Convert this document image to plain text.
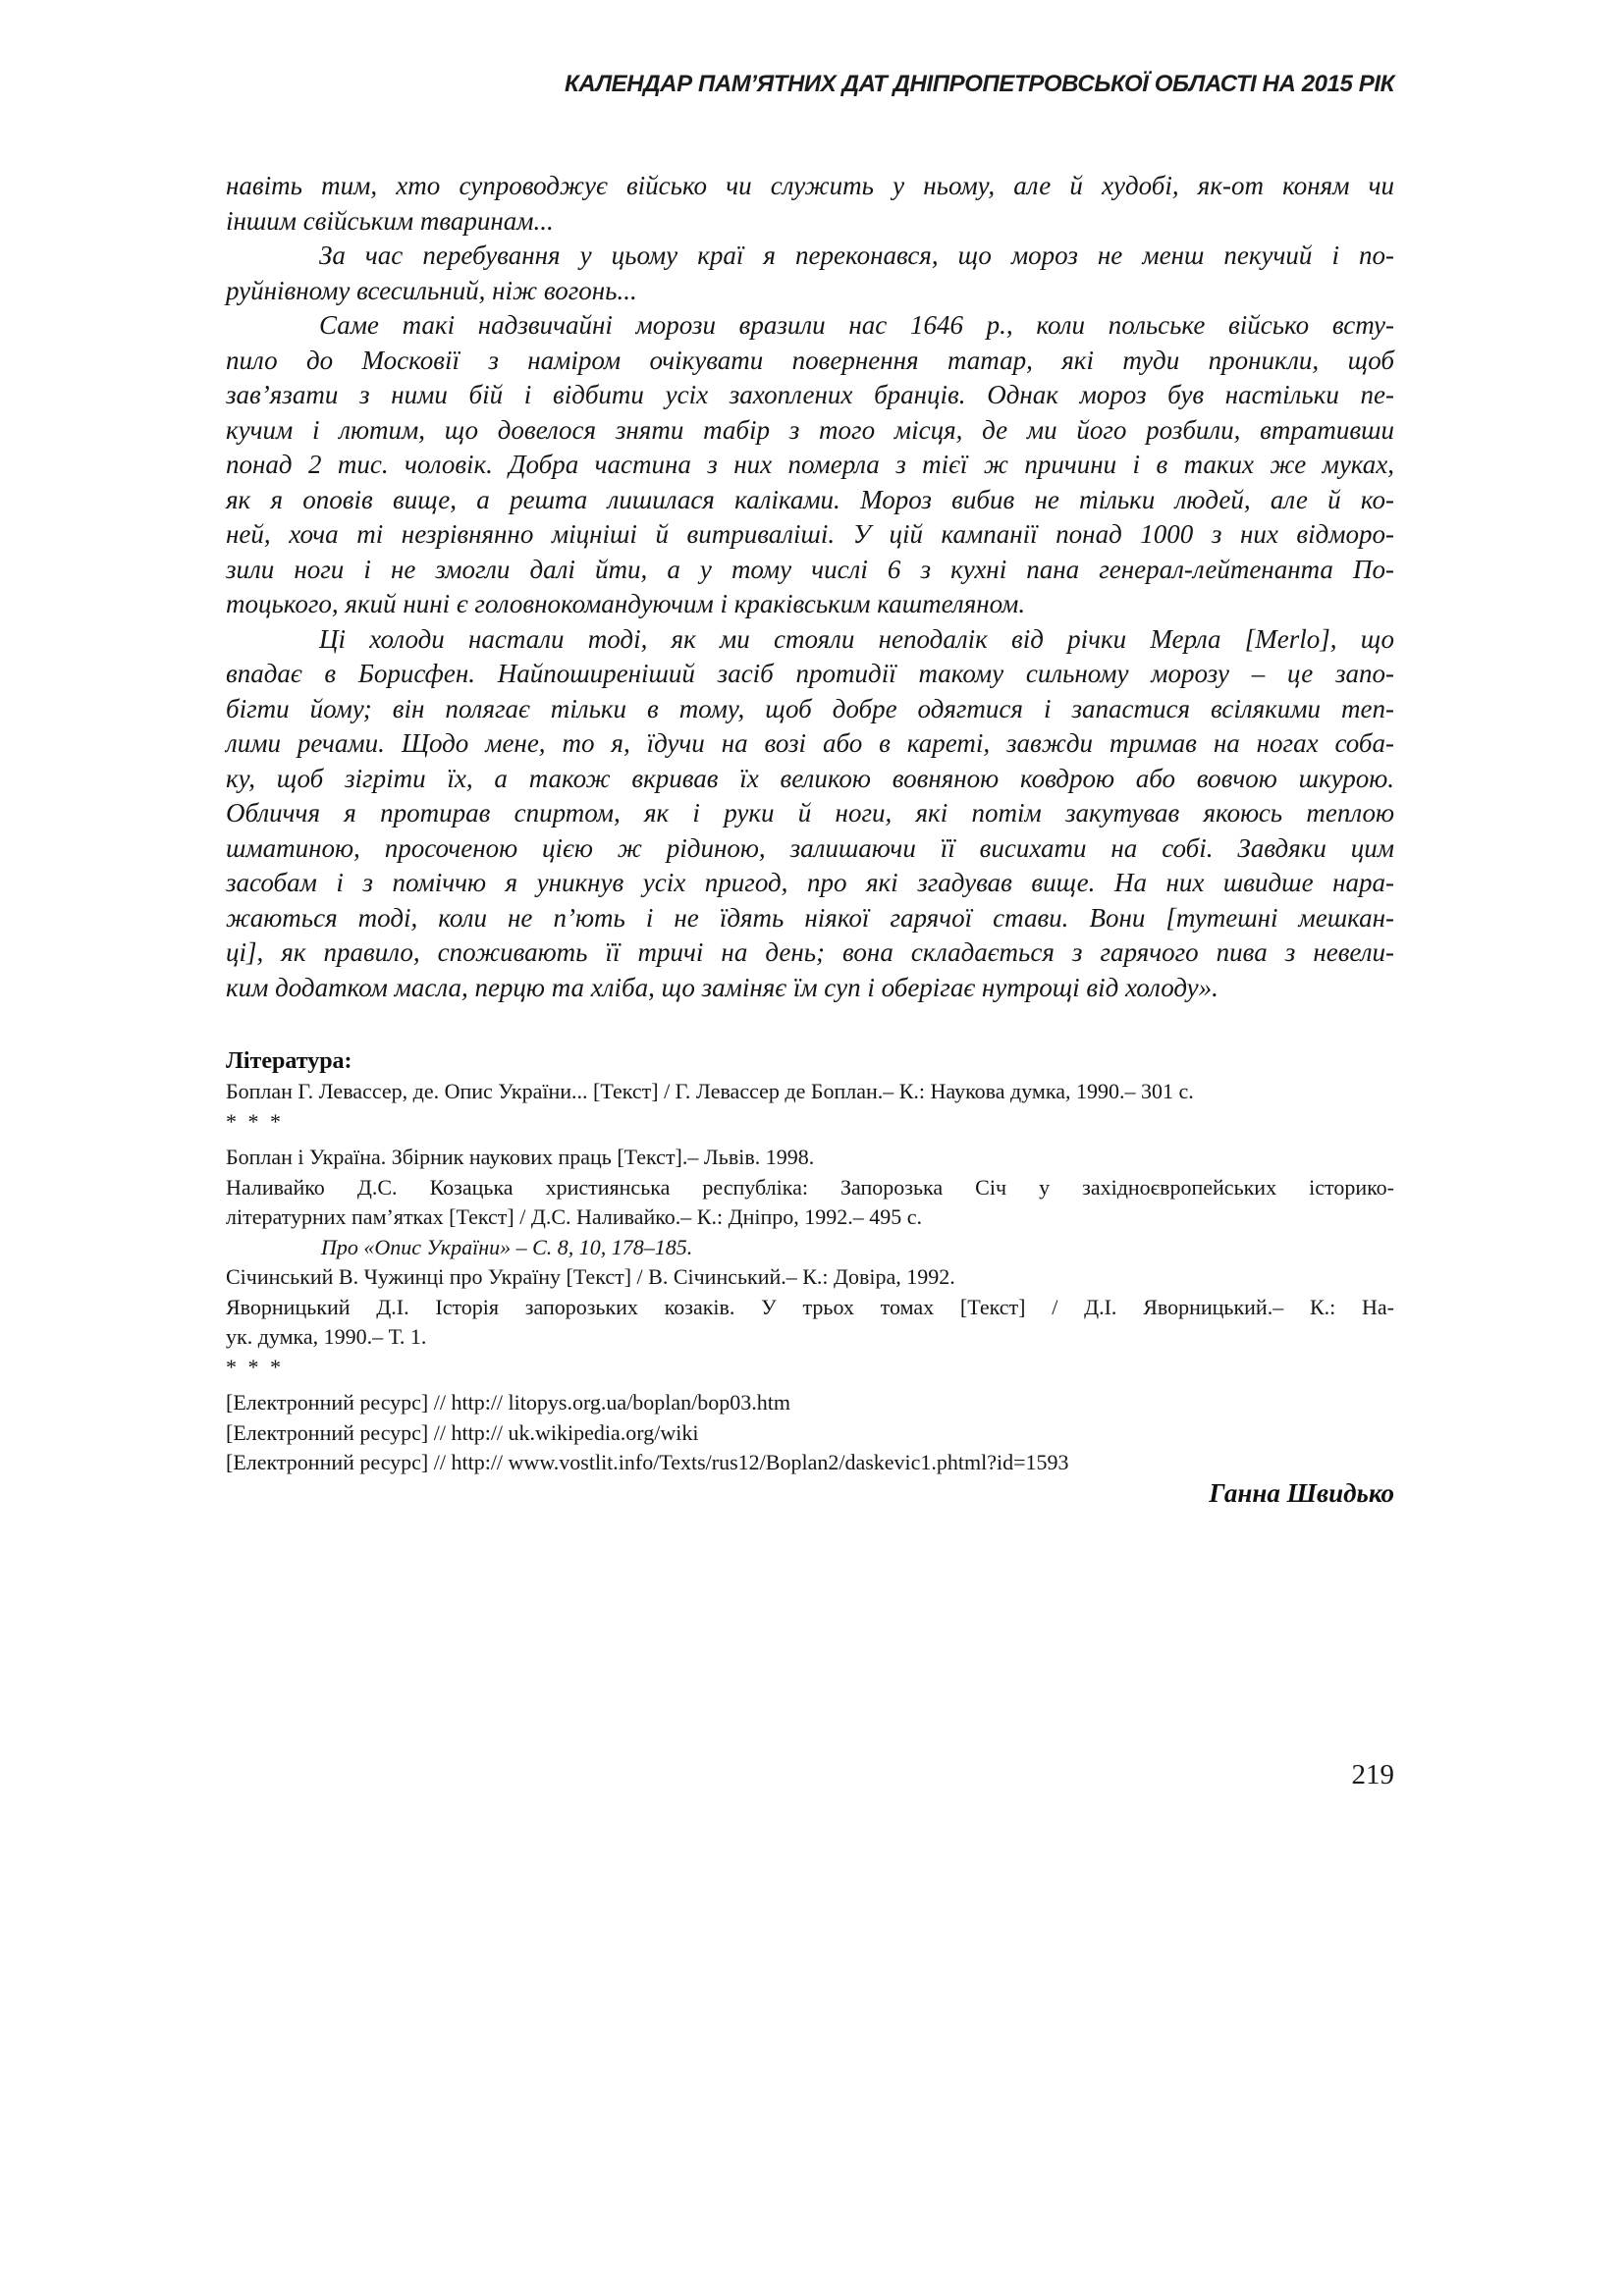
КАЛЕНДАР ПАМ’ЯТНИХ ДАТ ДНІПРОПЕТРОВСЬКОЇ ОБЛАСТІ НА 2015 РІК
навіть тим, хто супроводжує військо чи служить у ньому, але й худобі, як-от коням чи
іншим свійським тваринам...
За час перебування у цьому краї я переконався, що мороз не менш пекучий і по-
руйнівному всесильний, ніж вогонь...
Саме такі надзвичайні морози вразили нас 1646 р., коли польське військо всту-
пило до Московії з наміром очікувати повернення татар, які туди проникли, щоб
зав’язати з ними бій і відбити усіх захоплених бранців. Однак мороз був настільки пе-
кучим і лютим, що довелося зняти табір з того місця, де ми його розбили, втративши
понад 2 тис. чоловік. Добра частина з них померла з тієї ж причини і в таких же муках,
як я оповів вище, а решта лишилася каліками. Мороз вибив не тільки людей, але й ко-
ней, хоча ті незрівнянно міцніші й витриваліші. У цій кампанії понад 1000 з них відморо-
зили ноги і не змогли далі йти, а у тому числі 6 з кухні пана генерал-лейтенанта По-
тоцького, який нині є головнокомандуючим і краківським каштеляном.
Ці холоди настали тоді, як ми стояли неподалік від річки Мерла [Merlo], що
впадає в Борисфен. Найпоширеніший засіб протидії такому сильному морозу – це запо-
бігти йому; він полягає тільки в тому, щоб добре одягтися і запастися всілякими теп-
лими речами. Щодо мене, то я, їдучи на возі або в кареті, завжди тримав на ногах соба-
ку, щоб зігріти їх, а також вкривав їх великою вовняною ковдрою або вовчою шкурою.
Обличчя я протирав спиртом, як і руки й ноги, які потім закутував якоюсь теплою
шматиною, просоченою цією ж рідиною, залишаючи її висихати на собі. Завдяки цим
засобам і з поміччю я уникнув усіх пригод, про які згадував вище. На них швидше нара-
жаються тоді, коли не п’ють і не їдять ніякої гарячої стави. Вони [тутешні мешкан-
ці], як правило, споживають її тричі на день; вона складається з гарячого пива з невели-
ким додатком масла, перцю та хліба, що заміняє їм суп і оберігає нутрощі від холоду».
Література:
Боплан Г. Левассер, де. Опис України... [Текст] / Г. Левассер де Боплан.– К.: Наукова думка, 1990.– 301 с.
* * *
Боплан і Україна. Збірник наукових праць [Текст].– Львів. 1998.
Наливайко Д.С. Козацька християнська республіка: Запорозька Січ у західноєвропейських історико-
літературних пам’ятках [Текст] / Д.С. Наливайко.– К.: Дніпро, 1992.– 495 с.
Про «Опис України» – С. 8, 10, 178–185.
Січинський В. Чужинці про Україну [Текст] / В. Січинський.– К.: Довіра, 1992.
Яворницький Д.І. Історія запорозьких козаків. У трьох томах [Текст] / Д.І. Яворницький.– К.: На-
ук. думка, 1990.– Т. 1.
* * *
[Електронний ресурс] // http:// litopys.org.ua/boplan/bop03.htm
[Електронний ресурс] // http:// uk.wikipedia.org/wiki
[Електронний ресурс] // http:// www.vostlit.info/Texts/rus12/Boplan2/daskevic1.phtml?id=1593
Ганна Швидько
219
